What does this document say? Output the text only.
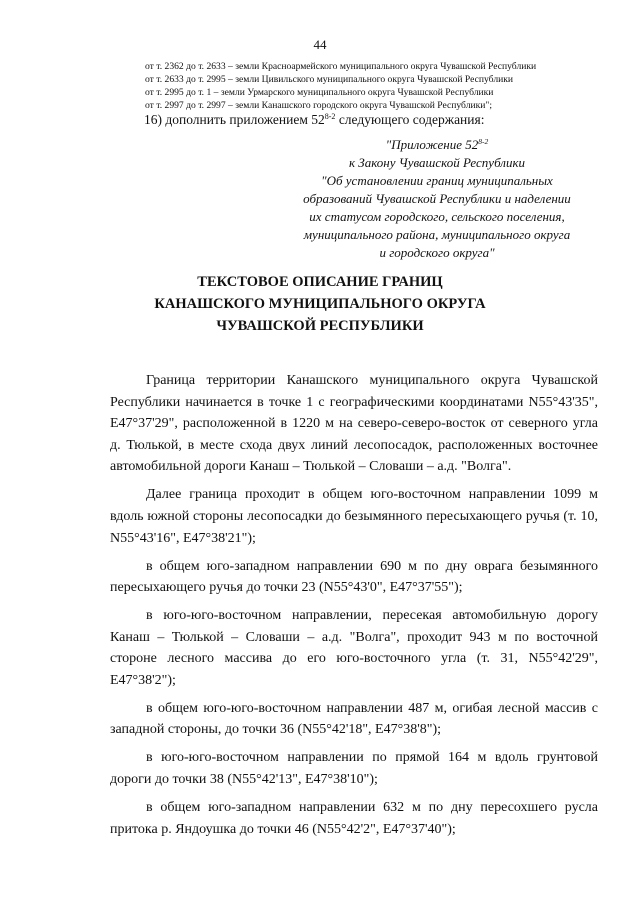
44
от т. 2362 до т. 2633 – земли Красноармейского муниципального округа Чувашской Республики
от т. 2633 до т. 2995 – земли Цивильского муниципального округа Чувашской Республики
от т. 2995 до т. 1 – земли Урмарского муниципального округа Чувашской Республики
от т. 2997 до т. 2997 – земли Канашского городского округа Чувашской Республики";
16) дополнить приложением 52$^{8-2}$ следующего содержания:
"Приложение 52$^{8-2}$
к Закону Чувашской Республики
"Об установлении границ муниципальных
образований Чувашской Республики и наделении
их статусом городского, сельского поселения,
муниципального района, муниципального округа
и городского округа"
ТЕКСТОВОЕ ОПИСАНИЕ ГРАНИЦ
КАНАШСКОГО МУНИЦИПАЛЬНОГО ОКРУГА
ЧУВАШСКОЙ РЕСПУБЛИКИ

Граница территории Канашского муниципального округа Чувашской Республики начинается в точке 1 с географическими координатами N55°43'35", E47°37'29", расположенной в 1220 м на северо-северо-восток от северного угла д. Тюлькой, в месте схода двух линий лесопосадок, расположенных восточнее автомобильной дороги Канаш – Тюлькой – Словаши – а.д. "Волга".

Далее граница проходит в общем юго-восточном направлении 1099 м вдоль южной стороны лесопосадки до безымянного пересыхающего ручья (т. 10, N55°43'16", E47°38'21");

в общем юго-западном направлении 690 м по дну оврага безымянного пересыхающего ручья до точки 23 (N55°43'0", E47°37'55");

в юго-юго-восточном направлении, пересекая автомобильную дорогу Канаш – Тюлькой – Словаши – а.д. "Волга", проходит 943 м по восточной стороне лесного массива до его юго-восточного угла (т. 31, N55°42'29", E47°38'2");

в общем юго-юго-восточном направлении 487 м, огибая лесной массив с западной стороны, до точки 36 (N55°42'18", E47°38'8");

в юго-юго-восточном направлении по прямой 164 м вдоль грунтовой дороги до точки 38 (N55°42'13", E47°38'10");

в общем юго-западном направлении 632 м по дну пересохшего русла притока р. Яндоушка до точки 46 (N55°42'2", E47°37'40");
